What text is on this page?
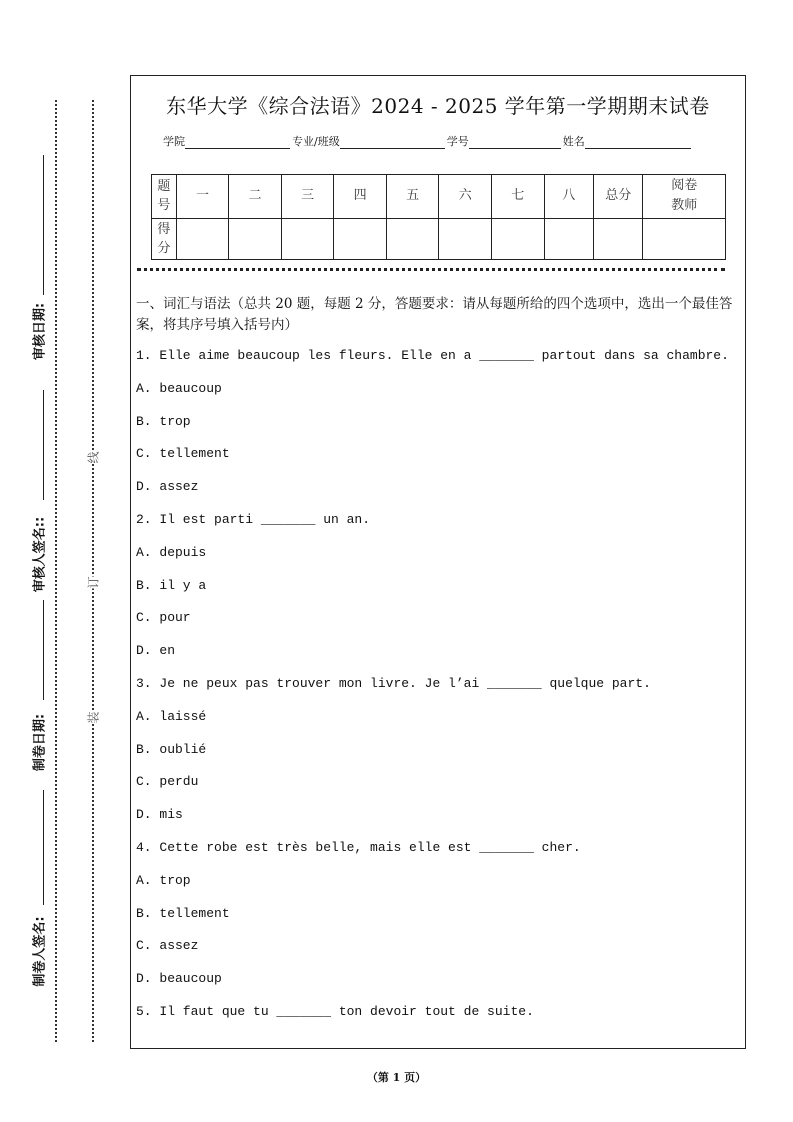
审核日期:
审核人签名::
制卷日期:
制卷人签名:
线
订
装
东华大学《综合法语》2024 - 2025 学年第一学期期末试卷
学院	专业/班级	学号	姓名
题号	一	二	三	四	五	六	七	八	总分	阅卷教师
得分										
一、词汇与语法（总共 20 题，每题 2 分，答题要求：请从每题所给的四个选项中，选出一个最佳答案，将其序号填入括号内）
1. Elle aime beaucoup les fleurs. Elle en a _______ partout dans sa chambre.
A. beaucoup
B. trop
C. tellement
D. assez
2. Il est parti _______ un an.
A. depuis
B. il y a
C. pour
D. en
3. Je ne peux pas trouver mon livre. Je l’ai _______ quelque part.
A. laissé
B. oublié
C. perdu
D. mis
4. Cette robe est très belle, mais elle est _______ cher.
A. trop
B. tellement
C. assez
D. beaucoup
5. Il faut que tu _______ ton devoir tout de suite.
（第 1 页）
